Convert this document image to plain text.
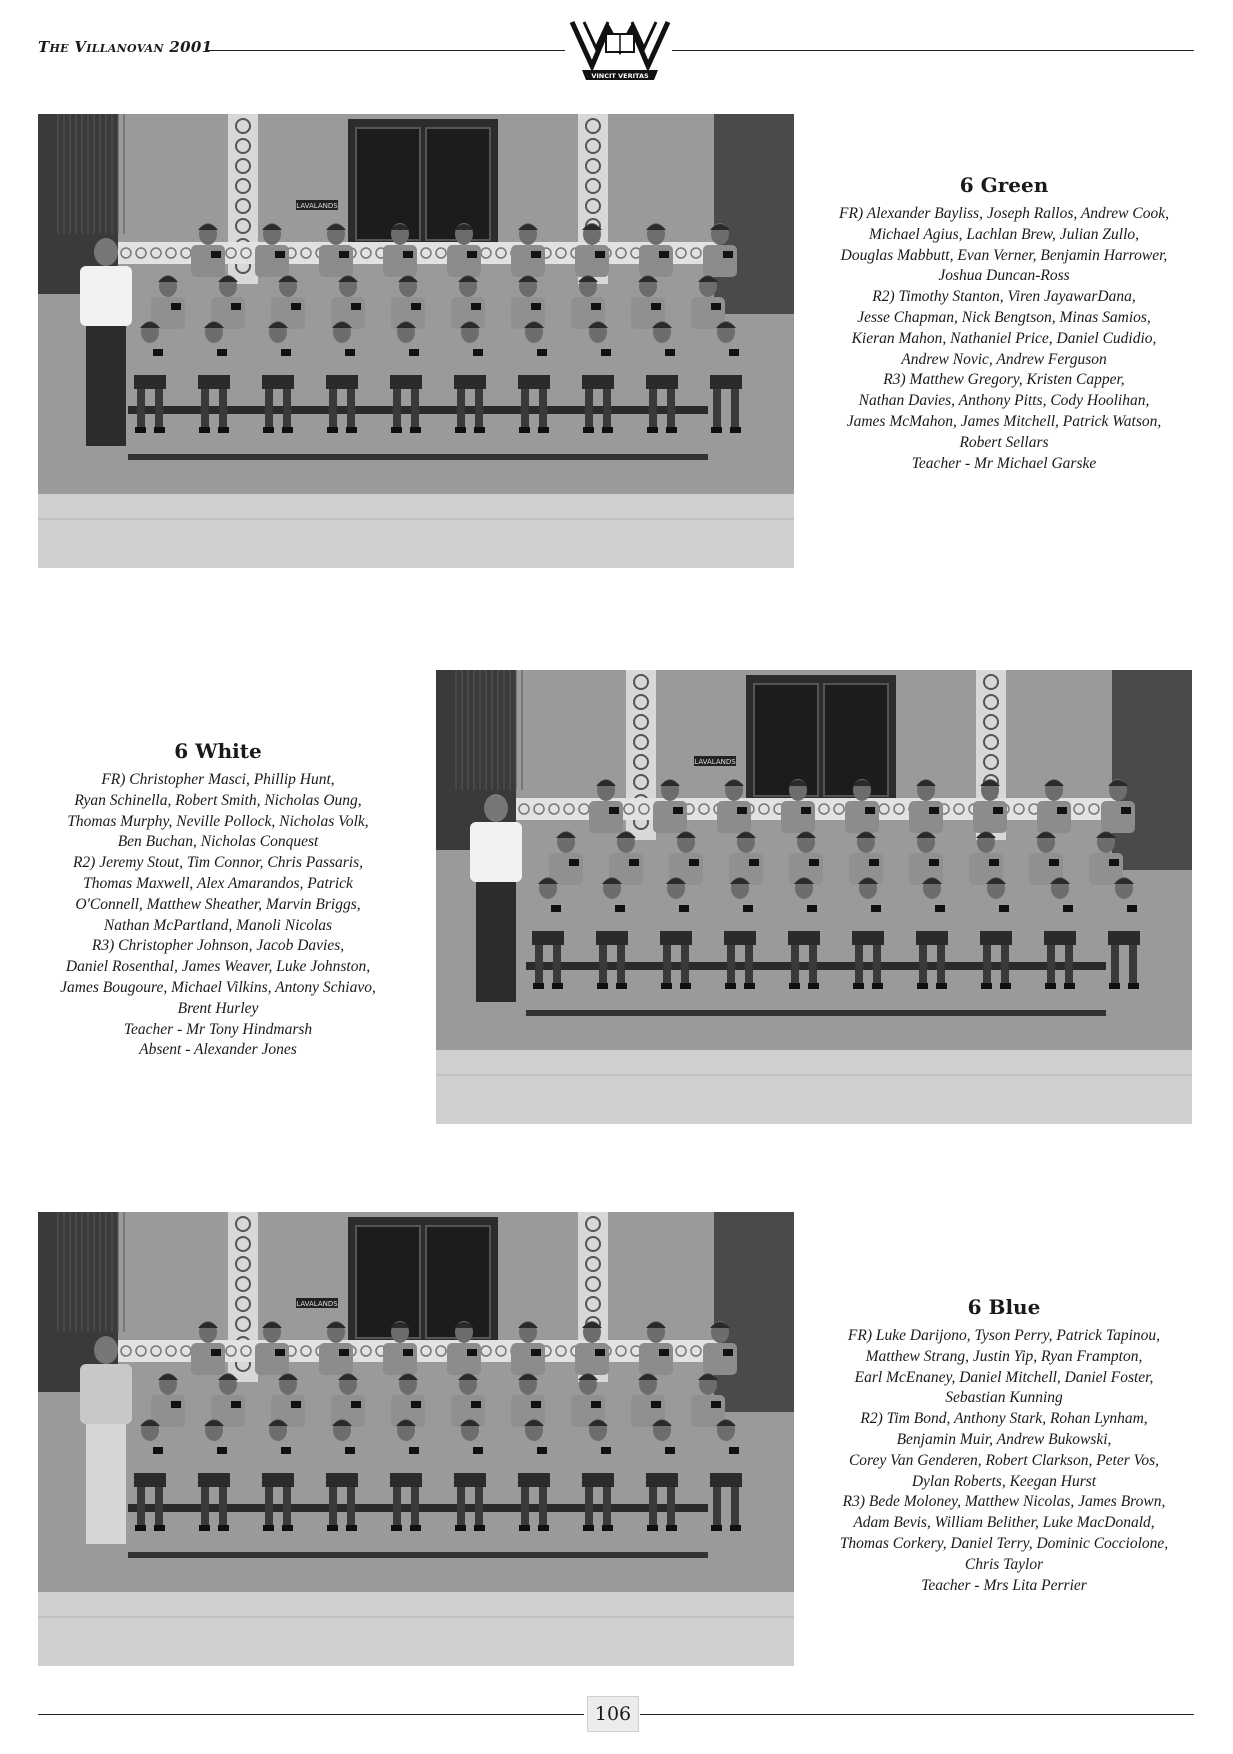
The Villanovan 2001
VINCIT VERITAS
LAVALANDS
6 Green
FR) Alexander Bayliss, Joseph Rallos, Andrew Cook,
Michael Agius, Lachlan Brew, Julian Zullo,
Douglas Mabbutt, Evan Verner, Benjamin Harrower,
Joshua Duncan-Ross
R2) Timothy Stanton, Viren JayawarDana,
Jesse Chapman, Nick Bengtson, Minas Samios,
Kieran Mahon, Nathaniel Price, Daniel Cudidio,
Andrew Novic, Andrew Ferguson
R3) Matthew Gregory, Kristen Capper,
Nathan Davies, Anthony Pitts, Cody Hoolihan,
James McMahon, James Mitchell, Patrick Watson,
Robert Sellars
Teacher - Mr Michael Garske
LAVALANDS
6 White
FR) Christopher Masci, Phillip Hunt,
Ryan Schinella, Robert Smith, Nicholas Oung,
Thomas Murphy, Neville Pollock, Nicholas Volk,
Ben Buchan, Nicholas Conquest
R2) Jeremy Stout, Tim Connor, Chris Passaris,
Thomas Maxwell, Alex Amarandos, Patrick
O'Connell, Matthew Sheather, Marvin Briggs,
Nathan McPartland, Manoli Nicolas
R3) Christopher Johnson, Jacob Davies,
Daniel Rosenthal, James Weaver, Luke Johnston,
James Bougoure, Michael Vilkins, Antony Schiavo,
Brent Hurley
Teacher - Mr Tony Hindmarsh
Absent - Alexander Jones
LAVALANDS	6 Blue
FR) Luke Darijono, Tyson Perry, Patrick Tapinou,
Matthew Strang, Justin Yip, Ryan Frampton,
Earl McEnaney, Daniel Mitchell, Daniel Foster,
Sebastian Kunning
R2) Tim Bond, Anthony Stark, Rohan Lynham,
Benjamin Muir, Andrew Bukowski,
Corey Van Genderen, Robert Clarkson, Peter Vos,
Dylan Roberts, Keegan Hurst
R3) Bede Moloney, Matthew Nicolas, James Brown,
Adam Bevis, William Belither, Luke MacDonald,
Thomas Corkery, Daniel Terry, Dominic Cocciolone,
Chris Taylor
Teacher - Mrs Lita Perrier
106
